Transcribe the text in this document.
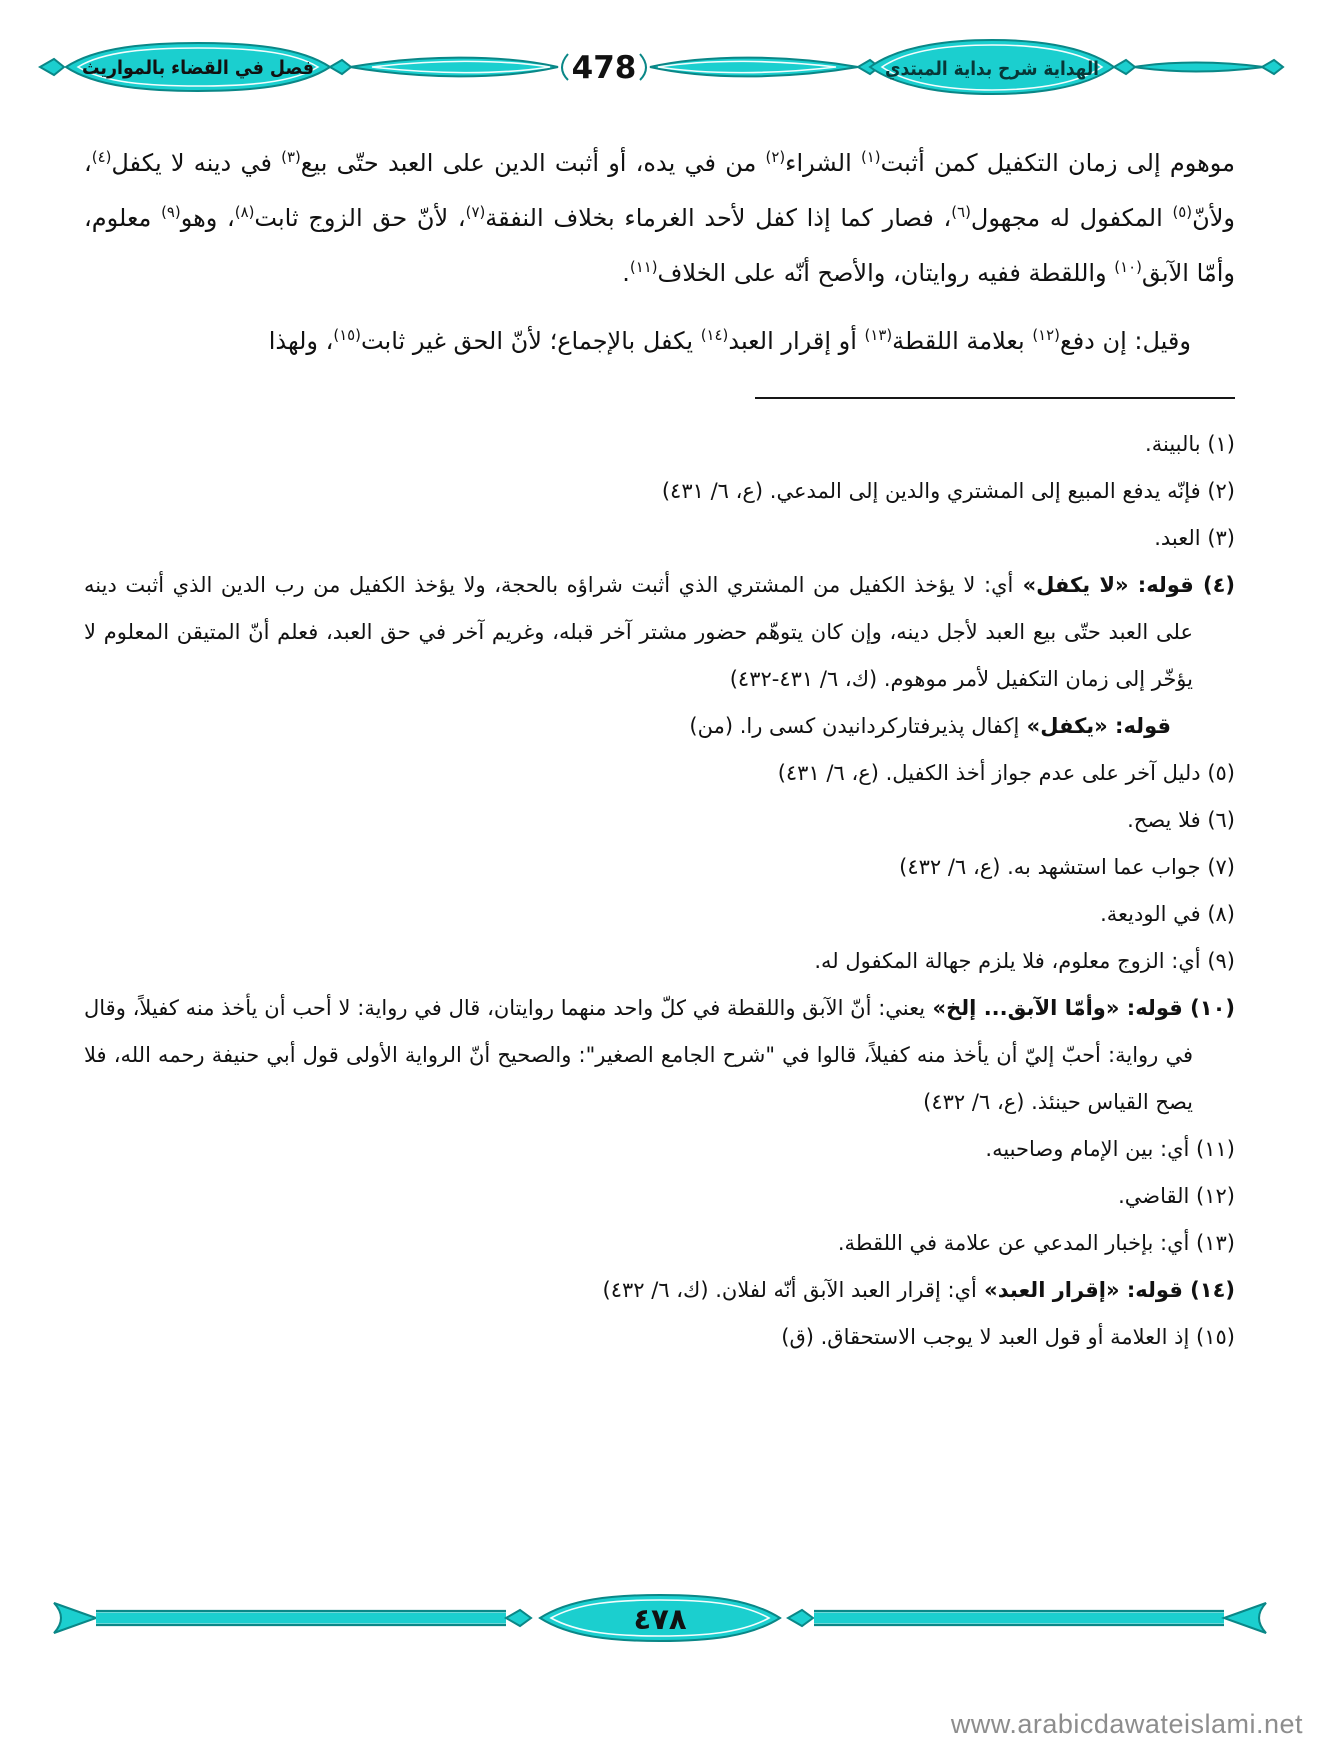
فصل في القضاء بالمواريث	478	الهداية شرح بداية المبتدي

موهوم إلى زمان التكفيل كمن أثبت$^{(١)}$ الشراء$^{(٢)}$ من في يده، أو أثبت الدين على العبد حتّى بيع$^{(٣)}$ في دينه لا يكفل$^{(٤)}$، ولأنّ$^{(٥)}$ المكفول له مجهول$^{(٦)}$، فصار كما إذا كفل لأحد الغرماء بخلاف النفقة$^{(٧)}$، لأنّ حق الزوج ثابت$^{(٨)}$، وهو$^{(٩)}$ معلوم، وأمّا الآبق$^{(١٠)}$ واللقطة ففيه روايتان، والأصح أنّه على الخلاف$^{(١١)}$.

وقيل: إن دفع$^{(١٢)}$ بعلامة اللقطة$^{(١٣)}$ أو إقرار العبد$^{(١٤)}$ يكفل بالإجماع؛ لأنّ الحق غير ثابت$^{(١٥)}$، ولهذا

(١) بالبينة.
(٢) فإنّه يدفع المبيع إلى المشتري والدين إلى المدعي. (ع، ٦/ ٤٣١)
(٣) العبد.
(٤) قوله: «لا يكفل» أي: لا يؤخذ الكفيل من المشتري الذي أثبت شراؤه بالحجة، ولا يؤخذ الكفيل من رب الدين الذي أثبت دينه على العبد حتّى بيع العبد لأجل دينه، وإن كان يتوهّم حضور مشتر آخر قبله، وغريم آخر في حق العبد، فعلم أنّ المتيقن المعلوم لا يؤخّر إلى زمان التكفيل لأمر موهوم. (ك، ٦/ ٤٣١-٤٣٢)
قوله: «يكفل» إكفال پذيرفتاركردانيدن كسى را. (من)
(٥) دليل آخر على عدم جواز أخذ الكفيل. (ع، ٦/ ٤٣١)
(٦) فلا يصح.
(٧) جواب عما استشهد به. (ع، ٦/ ٤٣٢)
(٨) في الوديعة.
(٩) أي: الزوج معلوم، فلا يلزم جهالة المكفول له.
(١٠) قوله: «وأمّا الآبق... إلخ» يعني: أنّ الآبق واللقطة في كلّ واحد منهما روايتان، قال في رواية: لا أحب أن يأخذ منه كفيلاً، وقال في رواية: أحبّ إليّ أن يأخذ منه كفيلاً، قالوا في "شرح الجامع الصغير": والصحيح أنّ الرواية الأولى قول أبي حنيفة رحمه الله، فلا يصح القياس حينئذ. (ع، ٦/ ٤٣٢)
(١١) أي: بين الإمام وصاحبيه.
(١٢) القاضي.
(١٣) أي: بإخبار المدعي عن علامة في اللقطة.
(١٤) قوله: «إقرار العبد» أي: إقرار العبد الآبق أنّه لفلان. (ك، ٦/ ٤٣٢)
(١٥) إذ العلامة أو قول العبد لا يوجب الاستحقاق. (ق)
٤٧٨
www.arabicdawateislami.net
